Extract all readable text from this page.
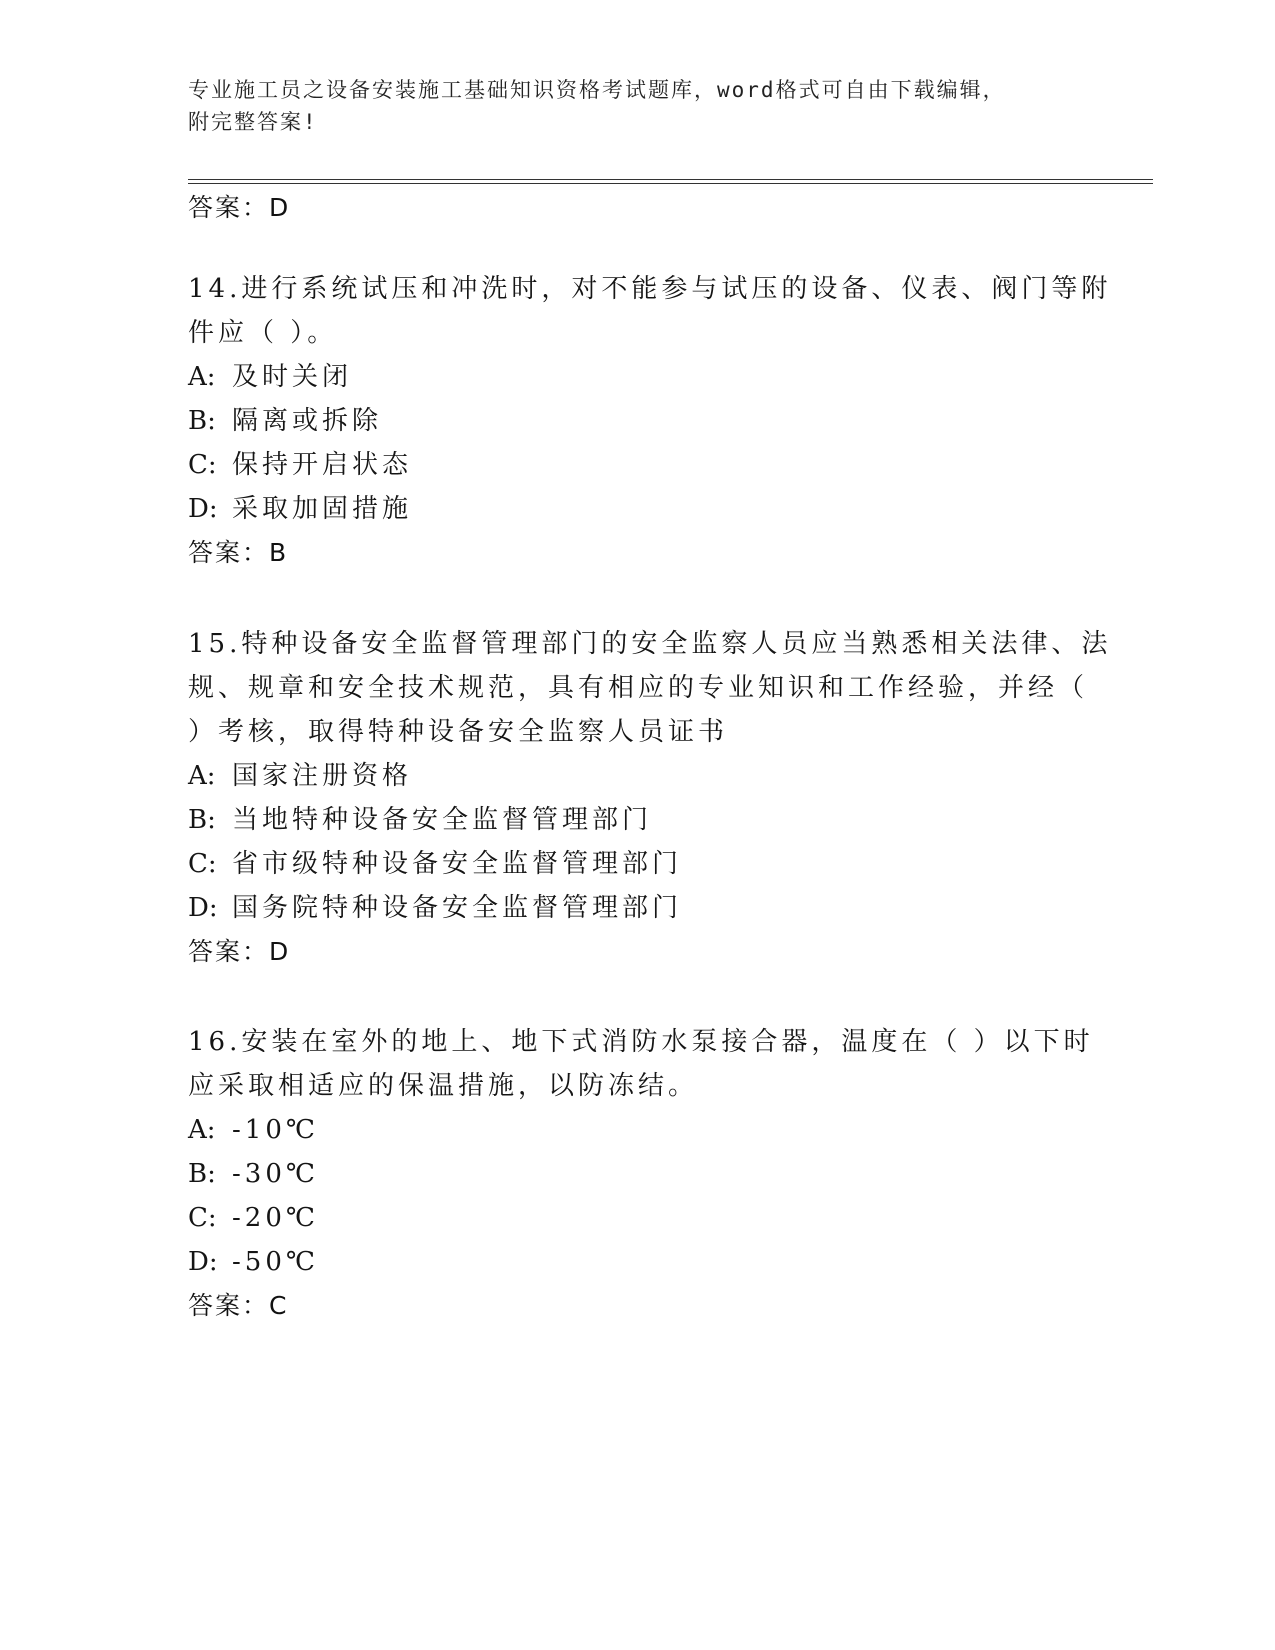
专业施工员之设备安装施工基础知识资格考试题库，word格式可自由下载编辑，
附完整答案!
答案：D
14.进行系统试压和冲洗时，对不能参与试压的设备、仪表、阀门等附
件应（ ）。
A: 及时关闭
B: 隔离或拆除
C: 保持开启状态
D: 采取加固措施
答案：B
15.特种设备安全监督管理部门的安全监察人员应当熟悉相关法律、法
规、规章和安全技术规范，具有相应的专业知识和工作经验，并经（
）考核，取得特种设备安全监察人员证书
A: 国家注册资格
B: 当地特种设备安全监督管理部门
C: 省市级特种设备安全监督管理部门
D: 国务院特种设备安全监督管理部门
答案：D
16.安装在室外的地上、地下式消防水泵接合器，温度在（ ）以下时
应采取相适应的保温措施，以防冻结。
A: -10℃
B: -30℃
C: -20℃
D: -50℃
答案：C
